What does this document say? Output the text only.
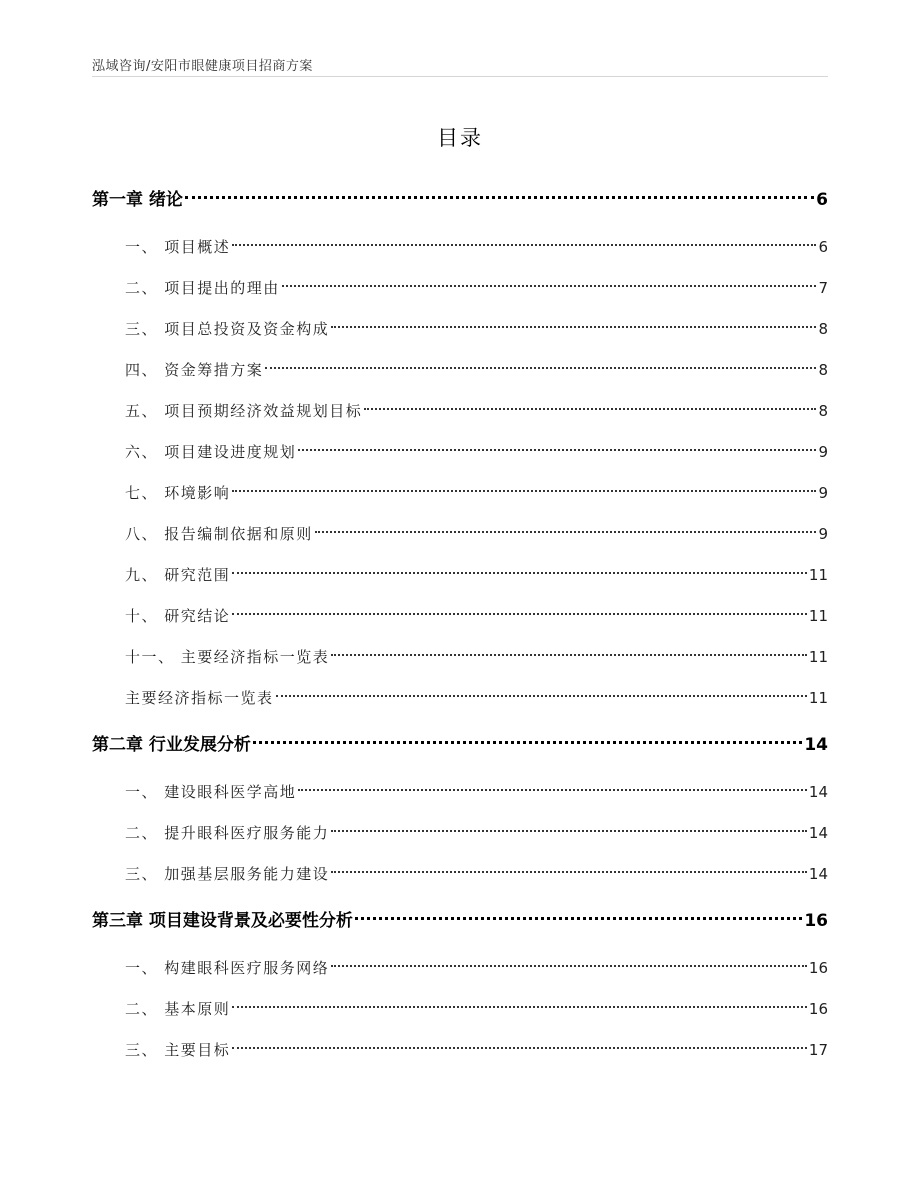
泓域咨询/安阳市眼健康项目招商方案
目录
第一章 绪论	6
一、 项目概述	6
二、 项目提出的理由	7
三、 项目总投资及资金构成	8
四、 资金筹措方案	8
五、 项目预期经济效益规划目标	8
六、 项目建设进度规划	9
七、 环境影响	9
八、 报告编制依据和原则	9
九、 研究范围	11
十、 研究结论	11
十一、 主要经济指标一览表	11
主要经济指标一览表	11
第二章 行业发展分析	14
一、 建设眼科医学高地	14
二、 提升眼科医疗服务能力	14
三、 加强基层服务能力建设	14
第三章 项目建设背景及必要性分析	16
一、 构建眼科医疗服务网络	16
二、 基本原则	16
三、 主要目标	17
